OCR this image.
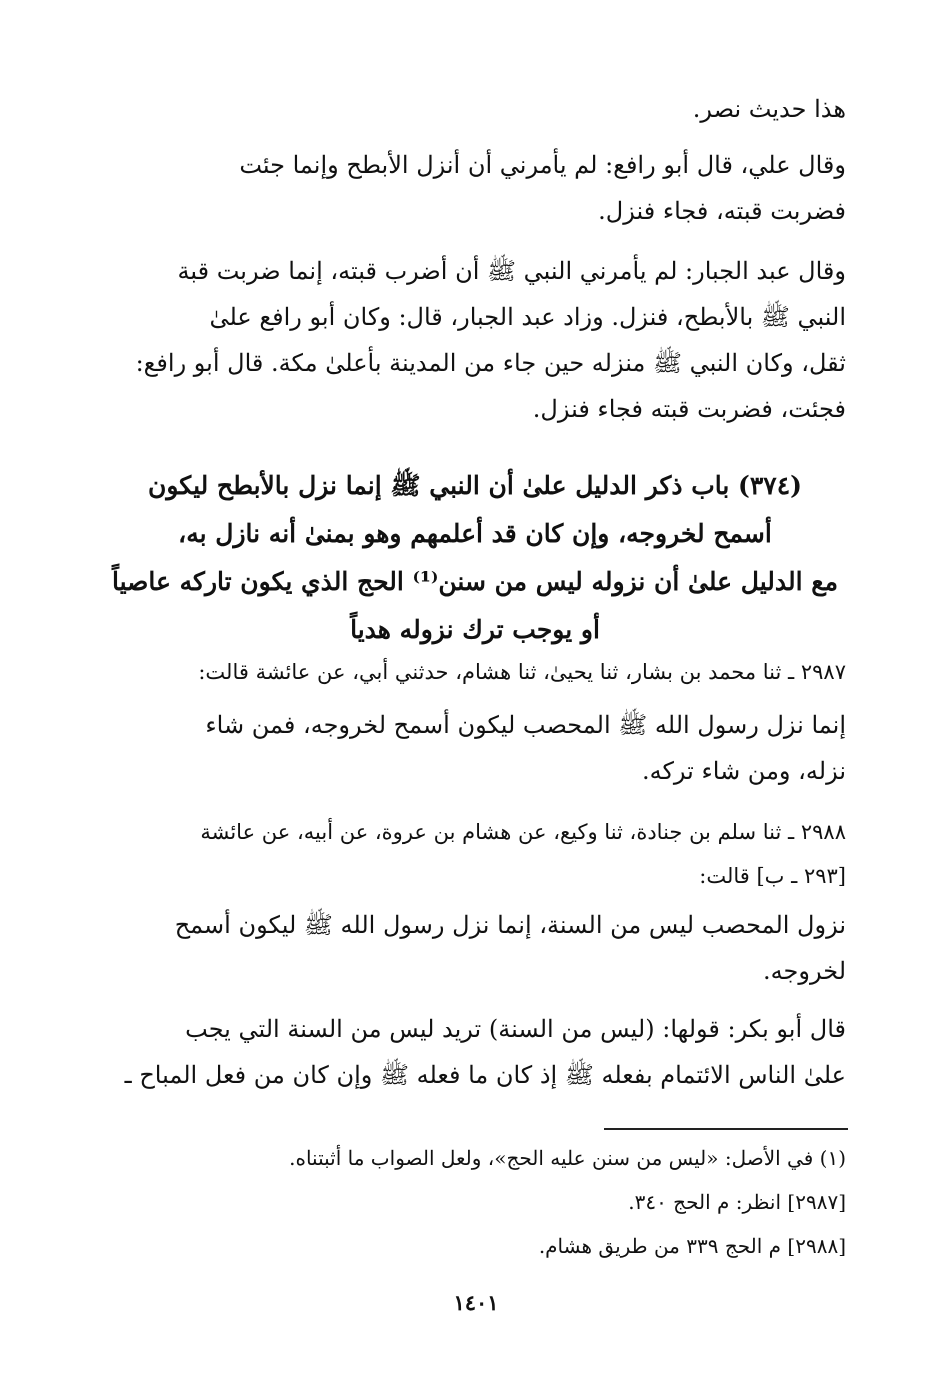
هذا حديث نصر.
وقال علي، قال أبو رافع: لم يأمرني أن أنزل الأبطح وإنما جئت
فضربت قبته، فجاء فنزل.
وقال عبد الجبار: لم يأمرني النبي ﷺ أن أضرب قبته، إنما ضربت قبة
النبي ﷺ بالأبطح، فنزل. وزاد عبد الجبار، قال: وكان أبو رافع علىٰ
ثقل، وكان النبي ﷺ منزله حين جاء من المدينة بأعلىٰ مكة. قال أبو رافع:
فجئت، فضربت قبته فجاء فنزل.
(٣٧٤) باب ذكر الدليل علىٰ أن النبي ﷺ إنما نزل بالأبطح ليكون
أسمح لخروجه، وإن كان قد أعلمهم وهو بمنىٰ أنه نازل به،
مع الدليل علىٰ أن نزوله ليس من سنن⁽¹⁾ الحج الذي يكون تاركه عاصياً
أو يوجب ترك نزوله هدياً
٢٩٨٧ ـ ثنا محمد بن بشار، ثنا يحيىٰ، ثنا هشام، حدثني أبي، عن عائشة قالت:
إنما نزل رسول الله ﷺ المحصب ليكون أسمح لخروجه، فمن شاء
نزله، ومن شاء تركه.
٢٩٨٨ ـ ثنا سلم بن جنادة، ثنا وكيع، عن هشام بن عروة، عن أبيه، عن عائشة
[٢٩٣ ـ ب] قالت:
نزول المحصب ليس من السنة، إنما نزل رسول الله ﷺ ليكون أسمح
لخروجه.
قال أبو بكر: قولها: (ليس من السنة) تريد ليس من السنة التي يجب
علىٰ الناس الائتمام بفعله ﷺ إذ كان ما فعله ﷺ وإن كان من فعل المباح ـ
(١) في الأصل: «ليس من سنن عليه الحج»، ولعل الصواب ما أثبتناه.
[٢٩٨٧] انظر: م الحج ٣٤٠.
[٢٩٨٨] م الحج ٣٣٩ من طريق هشام.
١٤٠١
